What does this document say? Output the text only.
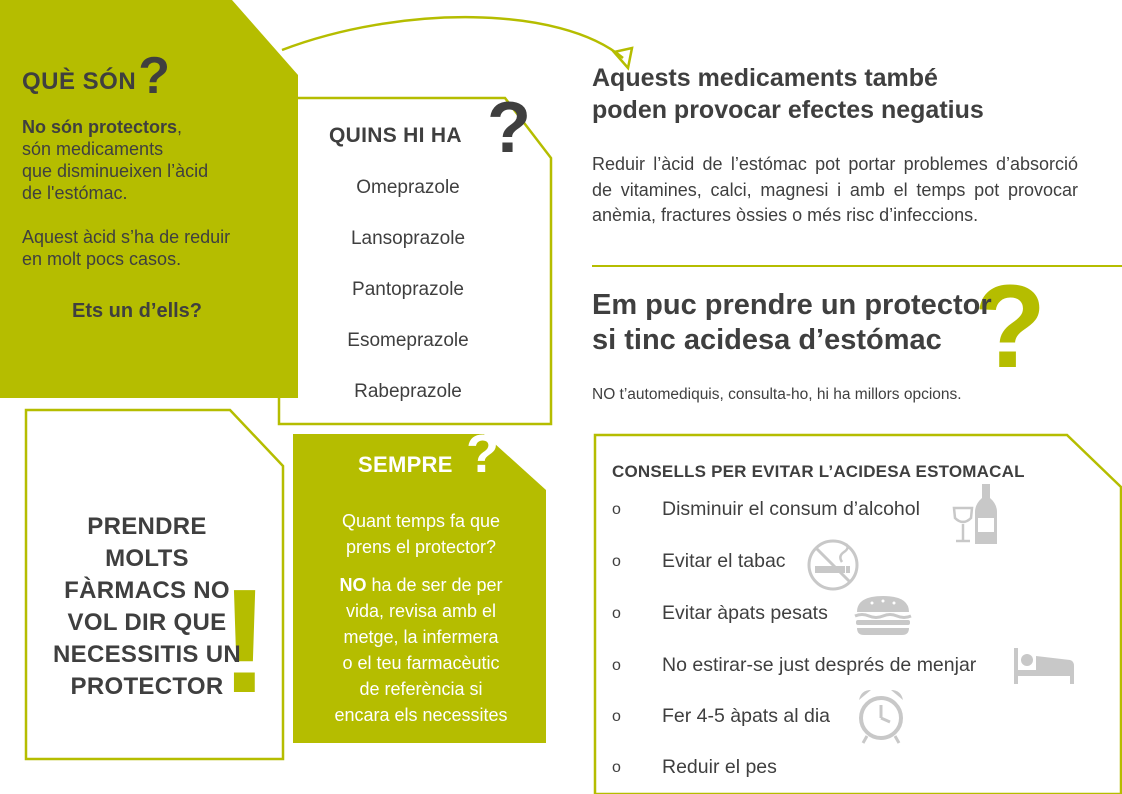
QUÈ SÓN ?
No són protectors,
són medicaments
que disminueixen l’àcid
de l'estómac.
Aquest àcid s’ha de reduir
en molt pocs casos.
Ets un d’ells?
QUINS HI HA ?
Omeprazole
Lansoprazole
Pantoprazole
Esomeprazole
Rabeprazole
!
PRENDRE
MOLTS
FÀRMACS NO
VOL DIR QUE
NECESSITIS UN
PROTECTOR
SEMPRE ?
Quant temps fa que
prens el protector?
NO ha de ser de per
vida, revisa amb el
metge, la infermera
o el teu farmacèutic
de referència si
encara els necessites
Aquests medicaments també
poden provocar efectes negatius
Reduir l’àcid de l’estómac pot portar problemes d’absorció de vitamines, calci, magnesi i amb el temps pot provocar anèmia, fractures òssies o més risc d’infeccions.
?
Em puc prendre un protector
si tinc acidesa d’estómac
NO t’automediquis, consulta-ho, hi ha millors opcions.
CONSELLS PER EVITAR L’ACIDESA ESTOMACAL
o	Disminuir el consum d’alcohol
o	Evitar el tabac
o	Evitar àpats pesats
o	No estirar-se just després de menjar
o	Fer 4-5 àpats al dia
o	Reduir el pes
